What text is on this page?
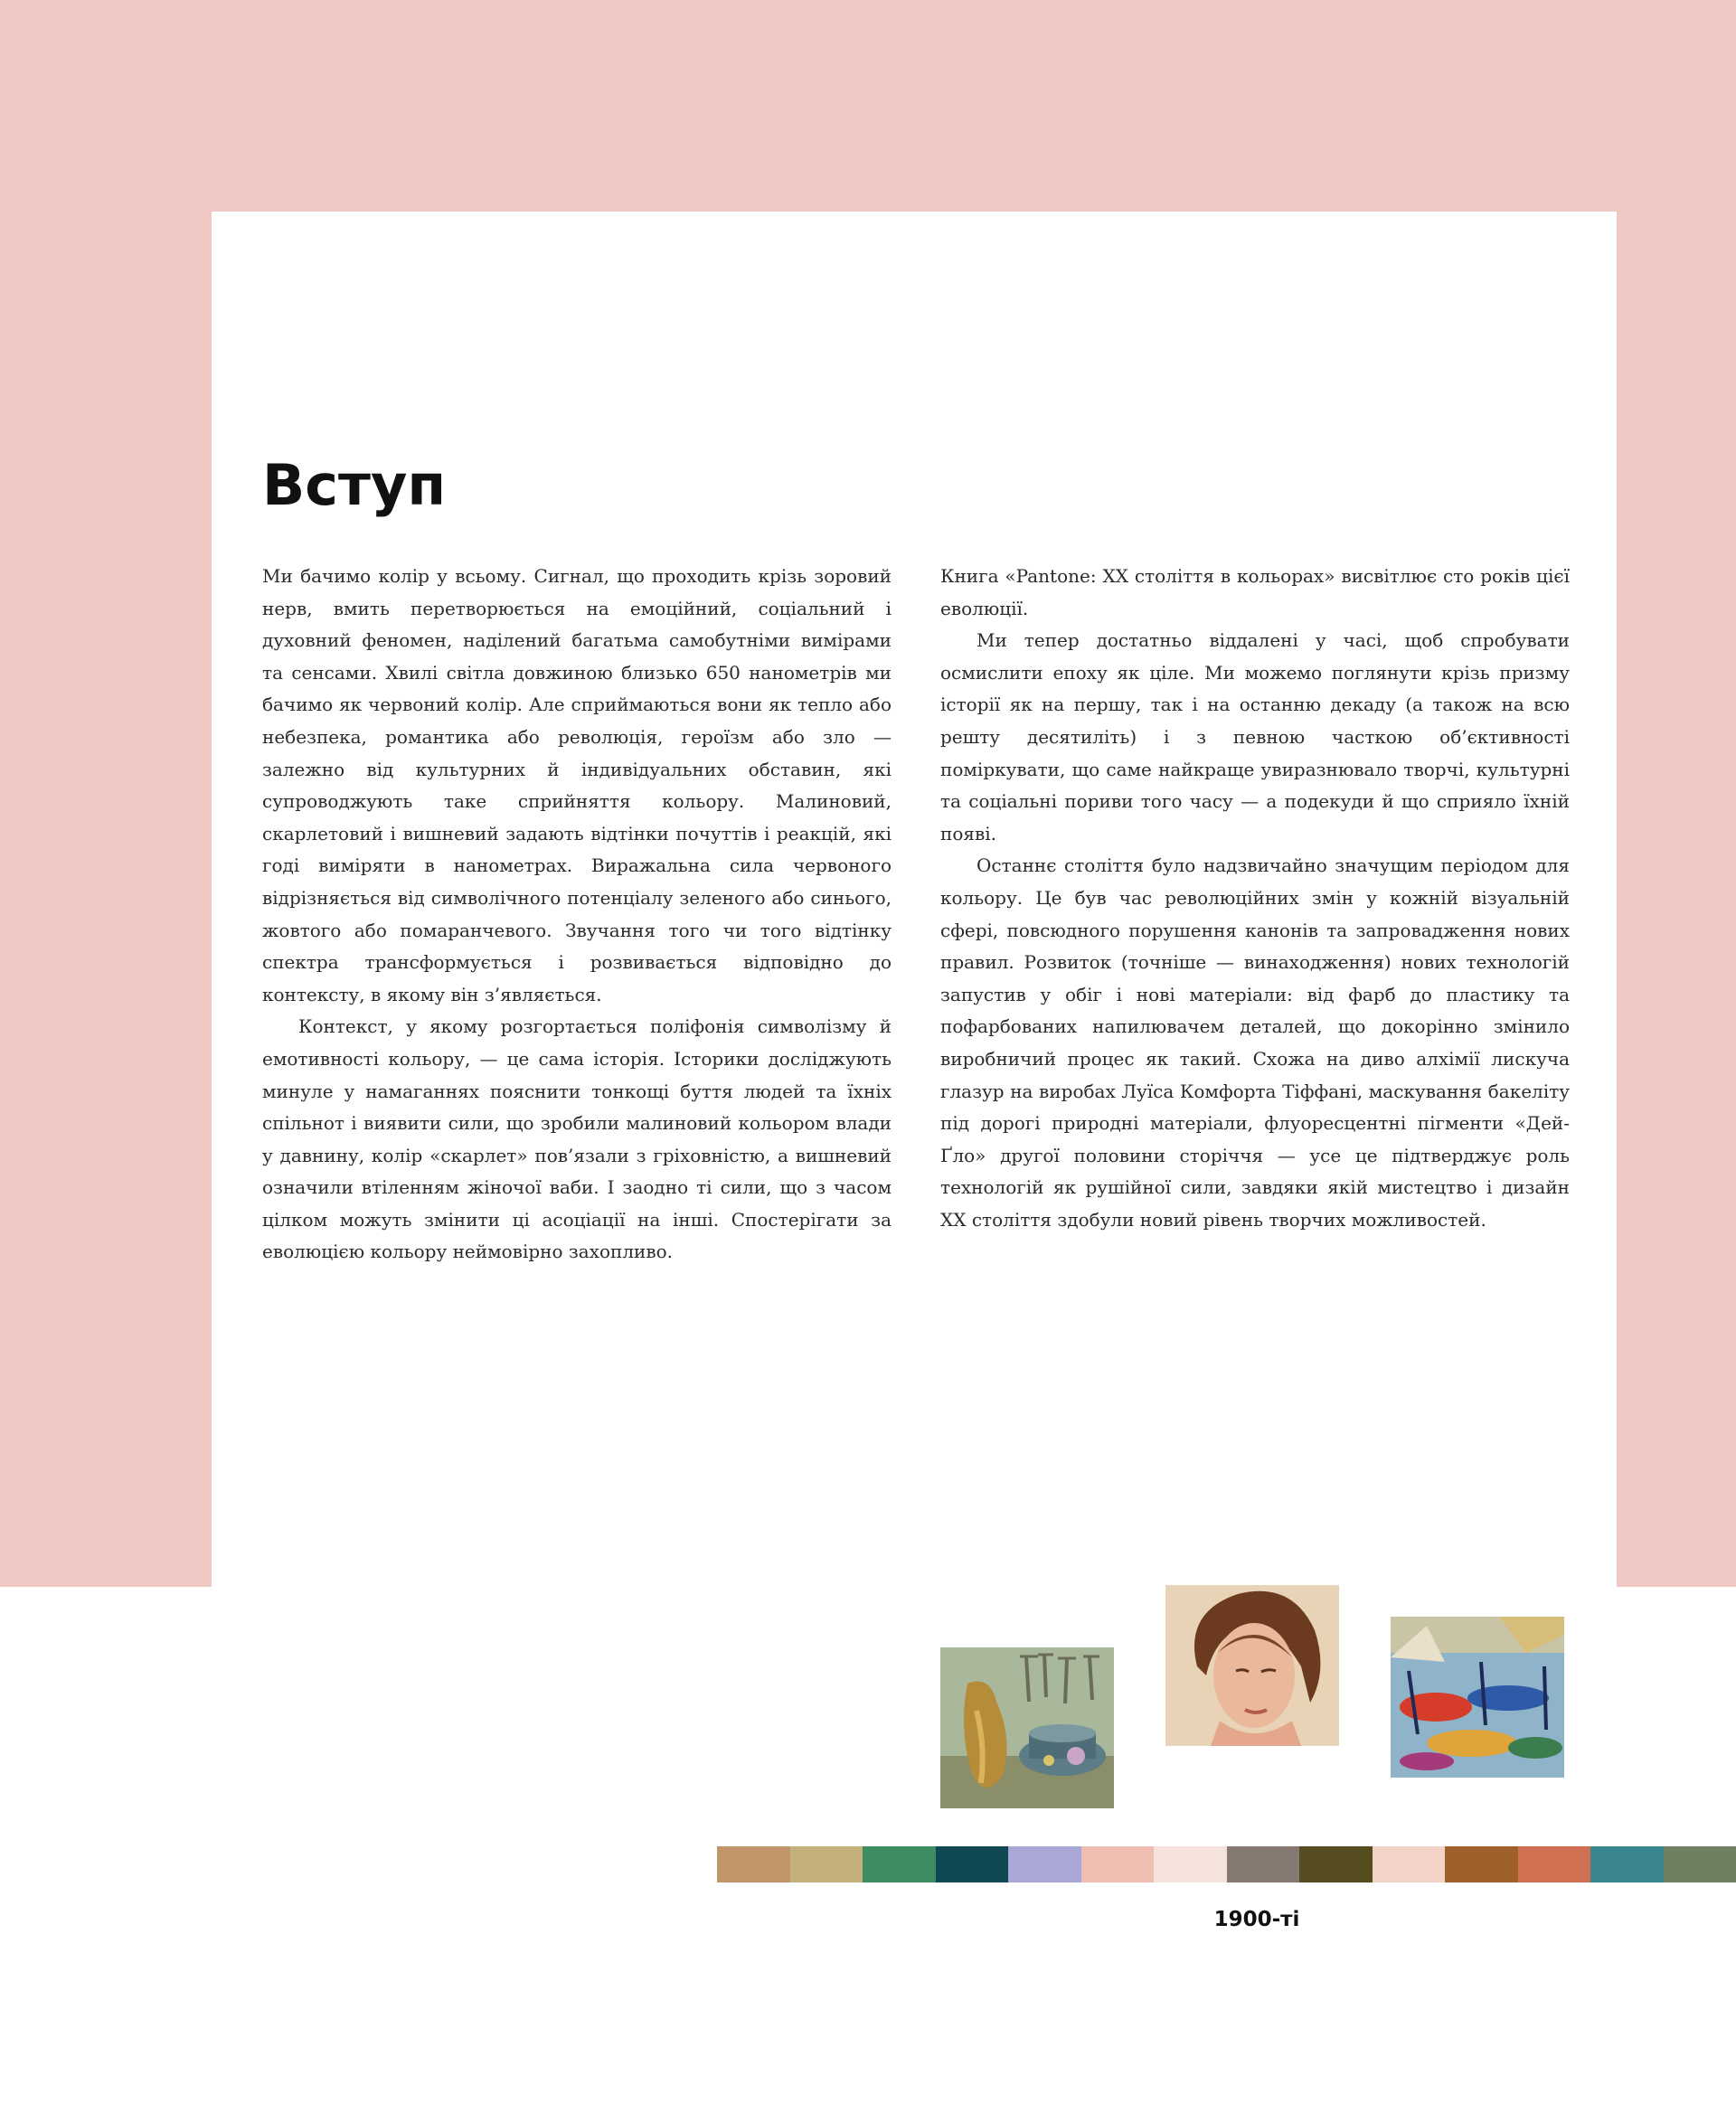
Вступ

Ми бачимо колір у всьому. Сигнал, що проходить крізь зоровий нерв, вмить перетворюється на емоційний, соціальний і духовний феномен, наділений багатьма самобутніми вимірами та сенсами. Хвилі світла довжиною близько 650 нанометрів ми бачимо як червоний колір. Але сприймаються вони як тепло або небезпека, романтика або революція, героїзм або зло — залежно від культурних й індивідуальних обставин, які супроводжують таке сприйняття кольору. Малиновий, скарлетовий і вишневий задають відтінки почуттів і реакцій, які годі виміряти в нанометрах. Виражальна сила червоного відрізняється від символічного потенціалу зеленого або синього, жовтого або помаранчевого. Звучання того чи того відтінку спектра трансформується і розвивається відповідно до контексту, в якому він з’являється.

Контекст, у якому розгортається поліфонія символізму й емотивності кольору, — це сама історія. Історики досліджують минуле у намаганнях пояснити тонкощі буття людей та їхніх спільнот і виявити сили, що зробили малиновий кольором влади у давнину, колір «скарлет» пов’язали з гріховністю, а вишневий означили втіленням жіночої ваби. І заодно ті сили, що з часом цілком можуть змінити ці асоціації на інші. Спостерігати за еволюцією кольору неймовірно захопливо.

Книга «Pantone: ХХ століття в кольорах» висвітлює сто років цієї еволюції.

Ми тепер достатньо віддалені у часі, щоб спробувати осмислити епоху як ціле. Ми можемо поглянути крізь призму історії як на першу, так і на останню декаду (а також на всю решту десятиліть) і з певною часткою об’єктивності поміркувати, що саме найкраще увиразнювало творчі, культурні та соціальні пориви того часу — а подекуди й що сприяло їхній появі.

Останнє століття було надзвичайно значущим періодом для кольору. Це був час революційних змін у кожній візуальній сфері, повсюдного порушення канонів та запровадження нових правил. Розвиток (точніше — винаходження) нових технологій запустив у обіг і нові матеріали: від фарб до пластику та пофарбованих напилювачем деталей, що докорінно змінило виробничий процес як такий. Схожа на диво алхімії лискуча глазур на виробах Луїса Комфорта Тіффані, маскування бакеліту під дорогі природні матеріали, флуоресцентні пігменти «Дей-Ґло» другої половини сторіччя — усе це підтверджує роль технологій як рушійної сили, завдяки якій мистецтво і дизайн ХХ століття здобули новий рівень творчих можливостей.

1900-ті
